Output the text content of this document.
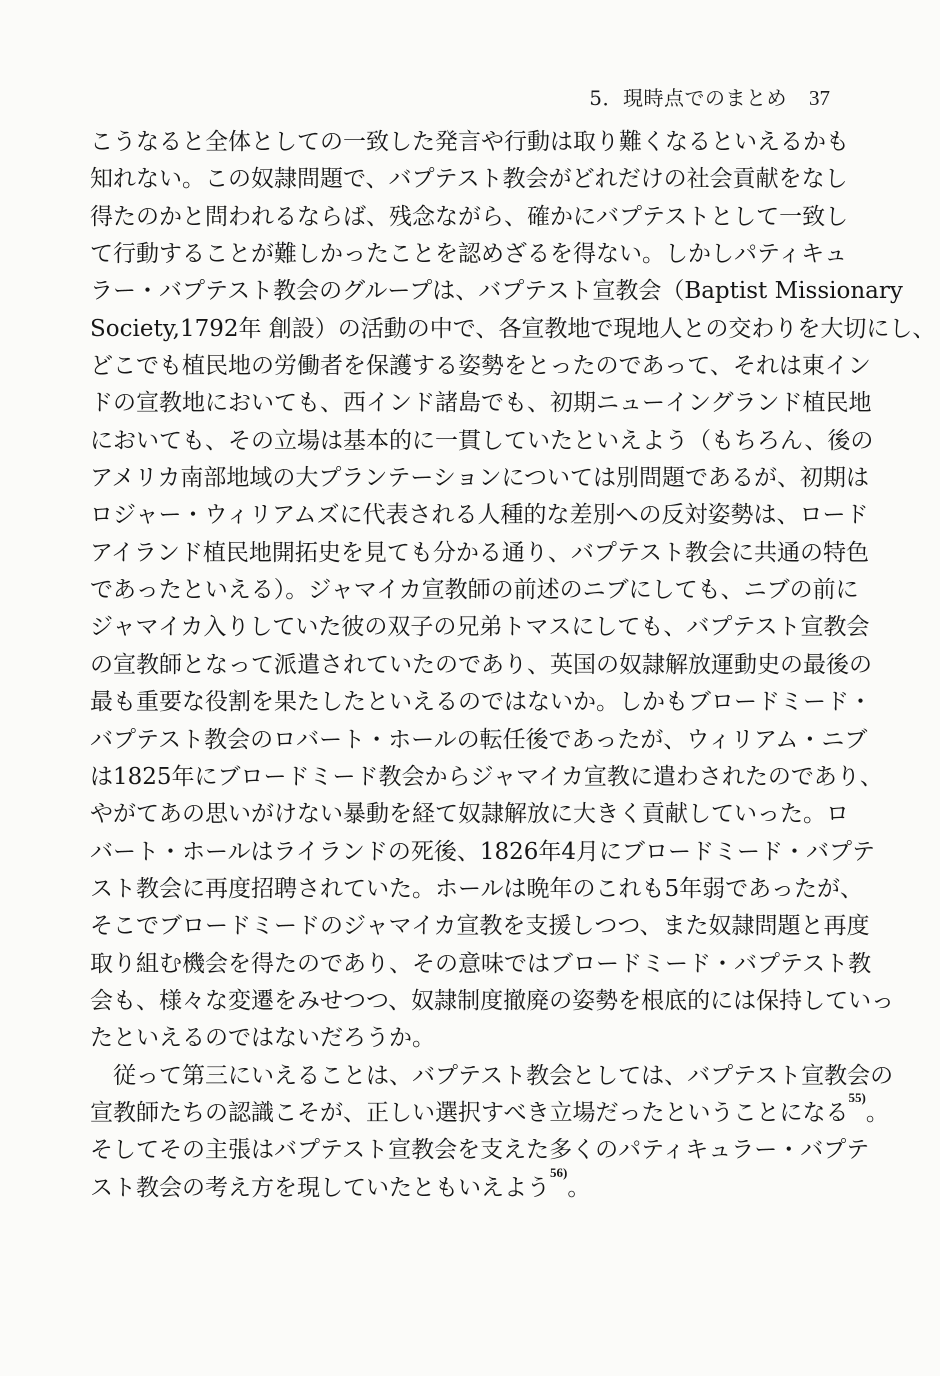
5．現時点でのまとめ 37
こうなると全体としての一致した発言や行動は取り難くなるといえるかも
知れない。この奴隷問題で、バプテスト教会がどれだけの社会貢献をなし
得たのかと問われるならば、残念ながら、確かにバプテストとして一致し
て行動することが難しかったことを認めざるを得ない。しかしパティキュ
ラー・バプテスト教会のグループは、バプテスト宣教会（Baptist Missionary
Society,1792年 創設）の活動の中で、各宣教地で現地人との交わりを大切にし、
どこでも植民地の労働者を保護する姿勢をとったのであって、それは東イン
ドの宣教地においても、西インド諸島でも、初期ニューイングランド植民地
においても、その立場は基本的に一貫していたといえよう（もちろん、後の
アメリカ南部地域の大プランテーションについては別問題であるが、初期は
ロジャー・ウィリアムズに代表される人種的な差別への反対姿勢は、ロード
アイランド植民地開拓史を見ても分かる通り、バプテスト教会に共通の特色
であったといえる）。ジャマイカ宣教師の前述のニブにしても、ニブの前に
ジャマイカ入りしていた彼の双子の兄弟トマスにしても、バプテスト宣教会
の宣教師となって派遣されていたのであり、英国の奴隷解放運動史の最後の
最も重要な役割を果たしたといえるのではないか。しかもブロードミード・
バプテスト教会のロバート・ホールの転任後であったが、ウィリアム・ニブ
は1825年にブロードミード教会からジャマイカ宣教に遣わされたのであり、
やがてあの思いがけない暴動を経て奴隷解放に大きく貢献していった。ロ
バート・ホールはライランドの死後、1826年4月にブロードミード・バプテ
スト教会に再度招聘されていた。ホールは晩年のこれも5年弱であったが、
そこでブロードミードのジャマイカ宣教を支援しつつ、また奴隷問題と再度
取り組む機会を得たのであり、その意味ではブロードミード・バプテスト教
会も、様々な変遷をみせつつ、奴隷制度撤廃の姿勢を根底的には保持していっ
たといえるのではないだろうか。
従って第三にいえることは、バプテスト教会としては、バプテスト宣教会の
宣教師たちの認識こそが、正しい選択すべき立場だったということになる$^{55)}$。
そしてその主張はバプテスト宣教会を支えた多くのパティキュラー・バプテ
スト教会の考え方を現していたともいえよう$^{56)}$。
